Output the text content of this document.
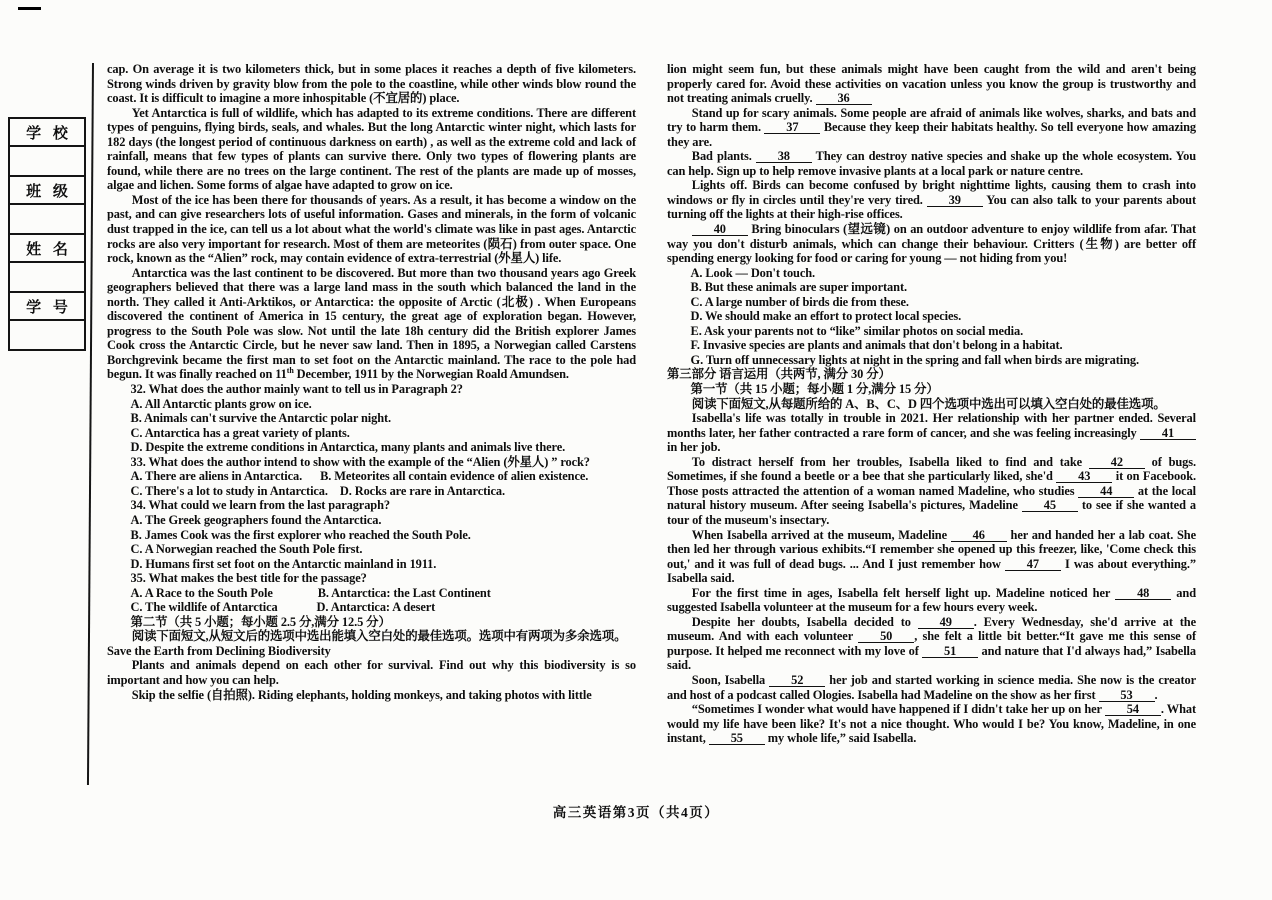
学 校
班 级
姓 名
学 号

cap. On average it is two kilometers thick, but in some places it reaches a depth of five kilometers. Strong winds driven by gravity blow from the pole to the coastline, while other winds blow round the coast. It is difficult to imagine a more inhospitable (不宜居的) place.

Yet Antarctica is full of wildlife, which has adapted to its extreme conditions. There are different types of penguins, flying birds, seals, and whales. But the long Antarctic winter night, which lasts for 182 days (the longest period of continuous darkness on earth) , as well as the extreme cold and lack of rainfall, means that few types of plants can survive there. Only two types of flowering plants are found, while there are no trees on the large continent. The rest of the plants are made up of mosses, algae and lichen. Some forms of algae have adapted to grow on ice.

Most of the ice has been there for thousands of years. As a result, it has become a window on the past, and can give researchers lots of useful information. Gases and minerals, in the form of volcanic dust trapped in the ice, can tell us a lot about what the world's climate was like in past ages. Antarctic rocks are also very important for research. Most of them are meteorites (陨石) from outer space. One rock, known as the “Alien” rock, may contain evidence of extra-terrestrial (外星人) life.

Antarctica was the last continent to be discovered. But more than two thousand years ago Greek geographers believed that there was a large land mass in the south which balanced the land in the north. They called it Anti-Arktikos, or Antarctica: the opposite of Arctic (北极) . When Europeans discovered the continent of America in 15 century, the great age of exploration began. However, progress to the South Pole was slow. Not until the late 18h century did the British explorer James Cook cross the Antarctic Circle, but he never saw land. Then in 1895, a Norwegian called Carstens Borchgrevink became the first man to set foot on the Antarctic mainland. The race to the pole had begun. It was finally reached on 11th December, 1911 by the Norwegian Roald Amundsen.

32. What does the author mainly want to tell us in Paragraph 2?

A. All Antarctic plants grow on ice.

B. Animals can't survive the Antarctic polar night.

C. Antarctica has a great variety of plants.

D. Despite the extreme conditions in Antarctica, many plants and animals live there.

33. What does the author intend to show with the example of the “Alien (外星人) ” rock?

A. There are aliens in Antarctica.      B. Meteorites all contain evidence of alien existence.

C. There's a lot to study in Antarctica.    D. Rocks are rare in Antarctica.

34. What could we learn from the last paragraph?

A. The Greek geographers found the Antarctica.

B. James Cook was the first explorer who reached the South Pole.

C. A Norwegian reached the South Pole first.

D. Humans first set foot on the Antarctic mainland in 1911.

35. What makes the best title for the passage?

A. A Race to the South Pole               B. Antarctica: the Last Continent

C. The wildlife of Antarctica             D. Antarctica: A desert

第二节（共 5 小题；每小题 2.5 分,满分 12.5 分）

阅读下面短文,从短文后的选项中选出能填入空白处的最佳选项。选项中有两项为多余选项。

Save the Earth from Declining Biodiversity

Plants and animals depend on each other for survival. Find out why this biodiversity is so important and how you can help.

Skip the selfie (自拍照). Riding elephants, holding monkeys, and taking photos with little

lion might seem fun, but these animals might have been caught from the wild and aren't being properly cared for. Avoid these activities on vacation unless you know the group is trustworthy and not treating animals cruelly. 36

Stand up for scary animals. Some people are afraid of animals like wolves, sharks, and bats and try to harm them. 37 Because they keep their habitats healthy. So tell everyone how amazing they are.

Bad plants. 38 They can destroy native species and shake up the whole ecosystem. You can help. Sign up to help remove invasive plants at a local park or nature centre.

Lights off. Birds can become confused by bright nighttime lights, causing them to crash into windows or fly in circles until they're very tired. 39 You can also talk to your parents about turning off the lights at their high-rise offices.

40 Bring binoculars (望远镜) on an outdoor adventure to enjoy wildlife from afar. That way you don't disturb animals, which can change their behaviour. Critters (生物) are better off spending energy looking for food or caring for young — not hiding from you!

A. Look — Don't touch.

B. But these animals are super important.

C. A large number of birds die from these.

D. We should make an effort to protect local species.

E. Ask your parents not to “like” similar photos on social media.

F. Invasive species are plants and animals that don't belong in a habitat.

G. Turn off unnecessary lights at night in the spring and fall when birds are migrating.

第三部分 语言运用（共两节, 满分 30 分）

第一节（共 15 小题；每小题 1 分,满分 15 分）

阅读下面短文,从每题所给的 A、B、C、D 四个选项中选出可以填入空白处的最佳选项。

Isabella's life was totally in trouble in 2021. Her relationship with her partner ended. Several months later, her father contracted a rare form of cancer, and she was feeling increasingly 41 in her job.

To distract herself from her troubles, Isabella liked to find and take 42 of bugs. Sometimes, if she found a beetle or a bee that she particularly liked, she'd 43 it on Facebook. Those posts attracted the attention of a woman named Madeline, who studies 44 at the local natural history museum. After seeing Isabella's pictures, Madeline 45 to see if she wanted a tour of the museum's insectary.

When Isabella arrived at the museum, Madeline 46 her and handed her a lab coat. She then led her through various exhibits.“I remember she opened up this freezer, like, 'Come check this out,' and it was full of dead bugs. ... And I just remember how 47 I was about everything.” Isabella said.

For the first time in ages, Isabella felt herself light up. Madeline noticed her 48 and suggested Isabella volunteer at the museum for a few hours every week.

Despite her doubts, Isabella decided to 49 . Every Wednesday, she'd arrive at the museum. And with each volunteer 50 , she felt a little bit better.“It gave me this sense of purpose. It helped me reconnect with my love of 51 and nature that I'd always had,” Isabella said.

Soon, Isabella 52 her job and started working in science media. She now is the creator and host of a podcast called Ologies. Isabella had Madeline on the show as her first 53 .

“Sometimes I wonder what would have happened if I didn't take her up on her 54 . What would my life have been like? It's not a nice thought. Who would I be? You know, Madeline, in one instant, 55 my whole life,” said Isabella.

高三英语第3页（共4页）
